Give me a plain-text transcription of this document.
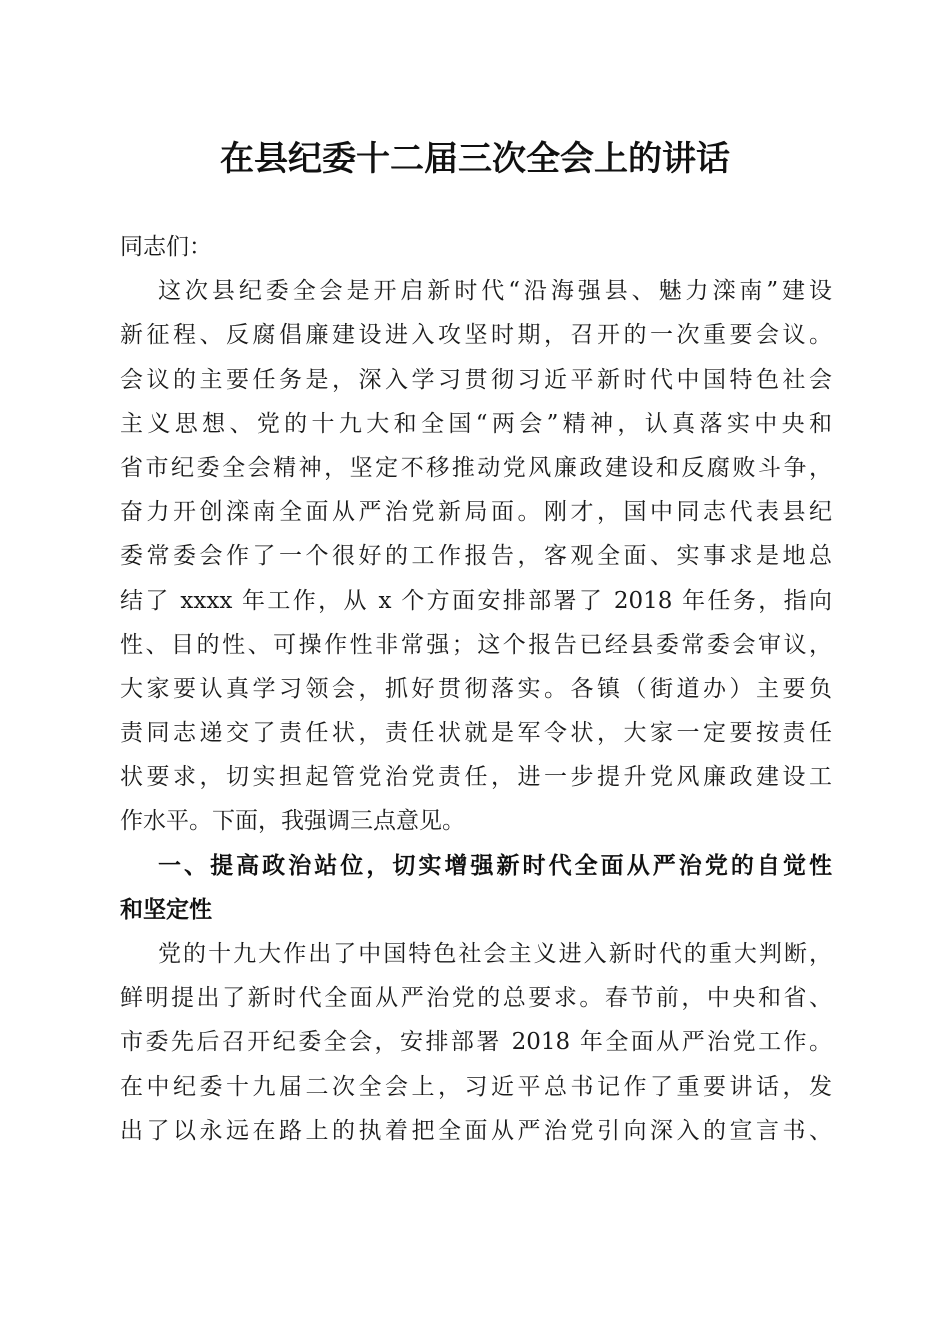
在县纪委十二届三次全会上的讲话
同志们：
这次县纪委全会是开启新时代“沿海强县、魅力滦南”建设
新征程、反腐倡廉建设进入攻坚时期，召开的一次重要会议。
会议的主要任务是，深入学习贯彻习近平新时代中国特色社会
主义思想、党的十九大和全国“两会”精神，认真落实中央和
省市纪委全会精神，坚定不移推动党风廉政建设和反腐败斗争，
奋力开创滦南全面从严治党新局面。刚才，国中同志代表县纪
委常委会作了一个很好的工作报告，客观全面、实事求是地总
结了 xxxx 年工作，从 x 个方面安排部署了 2018 年任务，指向
性、目的性、可操作性非常强；这个报告已经县委常委会审议，
大家要认真学习领会，抓好贯彻落实。各镇（街道办）主要负
责同志递交了责任状，责任状就是军令状，大家一定要按责任
状要求，切实担起管党治党责任，进一步提升党风廉政建设工
作水平。下面，我强调三点意见。
一、提高政治站位，切实增强新时代全面从严治党的自觉性
和坚定性
党的十九大作出了中国特色社会主义进入新时代的重大判断，
鲜明提出了新时代全面从严治党的总要求。春节前，中央和省、
市委先后召开纪委全会，安排部署 2018 年全面从严治党工作。
在中纪委十九届二次全会上，习近平总书记作了重要讲话，发
出了以永远在路上的执着把全面从严治党引向深入的宣言书、
